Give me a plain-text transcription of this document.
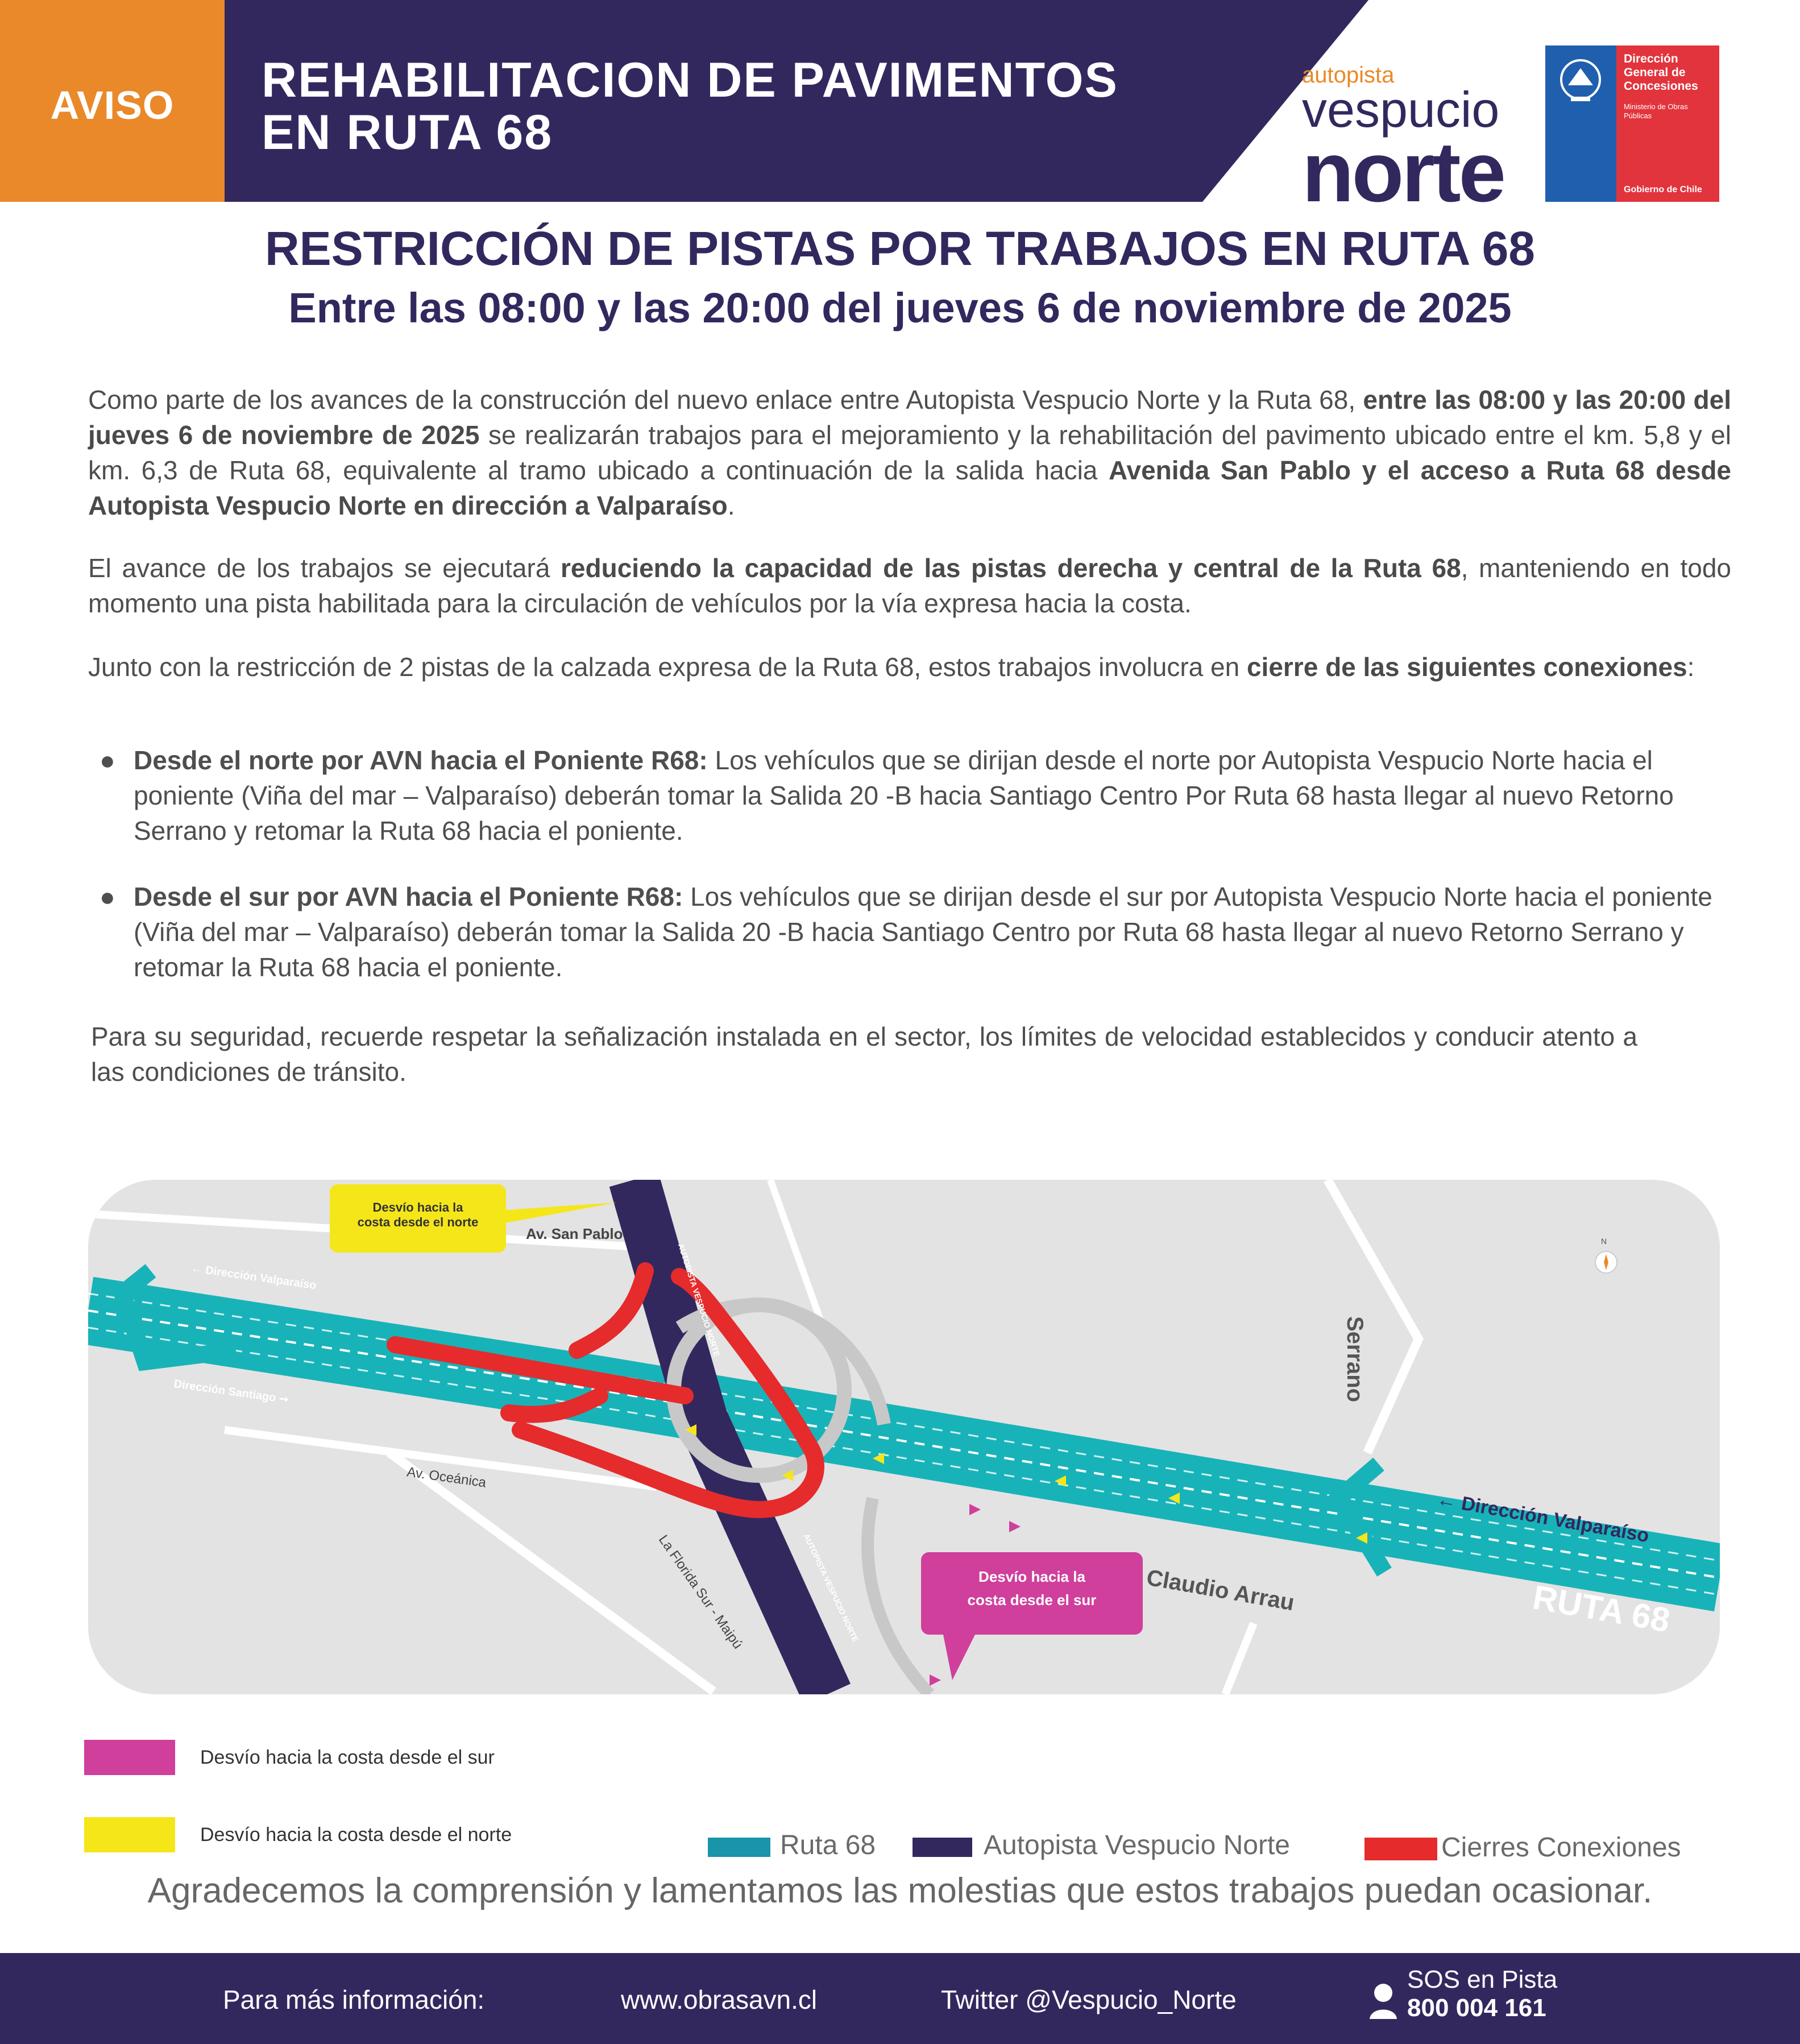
AVISO	REHABILITACION DE PAVIMENTOS
EN RUTA 68
autopista
vespucio
norte
Dirección
General de
Concesiones
Ministerio de Obras Públicas
Gobierno de Chile
RESTRICCIÓN DE PISTAS POR TRABAJOS EN RUTA 68
Entre las 08:00 y las 20:00 del jueves 6 de noviembre de 2025
Como parte de los avances de la construcción del nuevo enlace entre Autopista Vespucio Norte y la Ruta 68, entre las 08:00 y las 20:00 del jueves 6 de noviembre de 2025 se realizarán trabajos para el mejoramiento y la rehabilitación del pavimento ubicado entre el km. 5,8 y el km. 6,3 de Ruta 68, equivalente al tramo ubicado a continuación de la salida hacia Avenida San Pablo y el acceso a Ruta 68 desde Autopista Vespucio Norte en dirección a Valparaíso.
El avance de los trabajos se ejecutará reduciendo la capacidad de las pistas derecha y central de la Ruta 68, manteniendo en todo momento una pista habilitada para la circulación de vehículos por la vía expresa hacia la costa.
Junto con la restricción de 2 pistas de la calzada expresa de la Ruta 68, estos trabajos involucra en cierre de las siguientes conexiones:
● Desde el norte por AVN hacia el Poniente R68: Los vehículos que se dirijan desde el norte por Autopista Vespucio Norte hacia el poniente (Viña del mar – Valparaíso) deberán tomar la Salida 20 -B hacia Santiago Centro Por Ruta 68 hasta llegar al nuevo Retorno Serrano y retomar la Ruta 68 hacia el poniente.
● Desde el sur por AVN hacia el Poniente R68: Los vehículos que se dirijan desde el sur por Autopista Vespucio Norte hacia el poniente (Viña del mar – Valparaíso) deberán tomar la Salida 20 -B hacia Santiago Centro por Ruta 68 hasta llegar al nuevo Retorno Serrano y retomar la Ruta 68 hacia el poniente.
Para su seguridad, recuerde respetar la señalización instalada en el sector, los límites de velocidad establecidos y conducir atento a las condiciones de tránsito.
Desvío hacia la
costa desde el norte
Desvío hacia la
costa desde el sur
Av. San Pablo
Av. Oceánica
← Dirección Valparaíso
Dirección Santiago ➞
← Dirección Valparaíso
Serrano
Claudio Arrau	RUTA 68
La Florida Sur - Maipú
AUTOPISTA VESPUCIO NORTE
AUTOPISTA VESPUCIO NORTE
N
Desvío hacia la costa desde el sur
Desvío hacia la costa desde el norte	Ruta 68	Autopista Vespucio Norte	Cierres Conexiones
Agradecemos la comprensión y lamentamos las molestias que estos trabajos puedan ocasionar.
Para más información:	www.obrasavn.cl	Twitter @Vespucio_Norte
SOS en Pista
800 004 161
